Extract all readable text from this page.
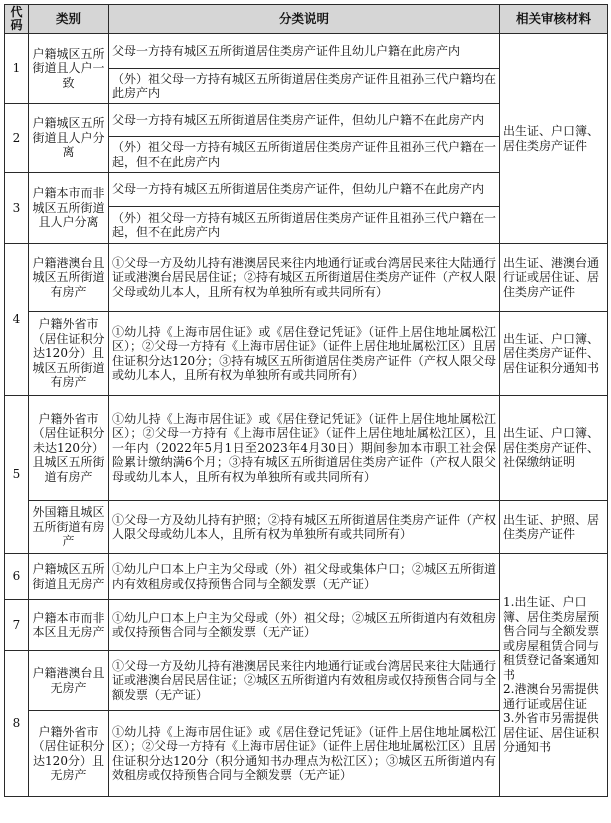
代码	类别	分类说明	相关审核材料
1	户籍城区五所街道且人户一致	父母一方持有城区五所街道居住类房产证件且幼儿户籍在此房产内	出生证、户口簿、居住类房产证件
		（外）祖父母一方持有城区五所街道居住类房产证件且祖孙三代户籍均在此房产内	
2	户籍城区五所街道且人户分离	父母一方持有城区五所街道居住类房产证件，但幼儿户籍不在此房产内	
		（外）祖父母一方持有城区五所街道居住类房产证件且祖孙三代户籍在一起，但不在此房产内	
3	户籍本市而非城区五所街道且人户分离	父母一方持有城区五所街道居住类房产证件，但幼儿户籍不在此房产内	
		（外）祖父母一方持有城区五所街道居住类房产证件且祖孙三代户籍在一起，但不在此房产内	
4	户籍港澳台且城区五所街道有房产	①父母一方及幼儿持有港澳居民来往内地通行证或台湾居民来往大陆通行证或港澳台居民居住证；②持有城区五所街道居住类房产证件（产权人限父母或幼儿本人，且所有权为单独所有或共同所有）	出生证、港澳台通行证或居住证、居住类房产证件
	户籍外省市（居住证积分达120分）且城区五所街道有房产	①幼儿持《上海市居住证》或《居住登记凭证》（证件上居住地址属松江区）；②父母一方持有《上海市居住证》（证件上居住地址属松江区）且居住证积分达120分；③持有城区五所街道居住类房产证件（产权人限父母或幼儿本人，且所有权为单独所有或共同所有）	出生证、户口簿、居住类房产证件、居住证积分通知书
5	户籍外省市（居住证积分未达120分）且城区五所街道有房产	①幼儿持《上海市居住证》或《居住登记凭证》（证件上居住地址属松江区）；②父母一方持有《上海市居住证》（证件上居住地址属松江区），且一年内（2022年5月1日至2023年4月30日）期间参加本市职工社会保险累计缴纳满6个月；③持有城区五所街道居住类房产证件（产权人限父母或幼儿本人，且所有权为单独所有或共同所有）	出生证、户口簿、居住类房产证件、社保缴纳证明
	外国籍且城区五所街道有房产	①父母一方及幼儿持有护照；②持有城区五所街道居住类房产证件（产权人限父母或幼儿本人，且所有权为单独所有或共同所有）	出生证、护照、居住类房产证件
6	户籍城区五所街道且无房产	①幼儿户口本上户主为父母或（外）祖父母或集体户口；②城区五所街道内有效租房或仅持预售合同与全额发票（无产证）	1.出生证、户口簿、居住类房屋预售合同与全额发票或房屋租赁合同与租赁登记备案通知书
2.港澳台另需提供通行证或居住证
3.外省市另需提供居住证、居住证积分通知书

7	户籍本市而非本区且无房产	①幼儿户口本上户主为父母或（外）祖父母；②城区五所街道内有效租房或仅持预售合同与全额发票（无产证）	
8	户籍港澳台且无房产	①父母一方及幼儿持有港澳居民来往内地通行证或台湾居民来往大陆通行证或港澳台居民居住证；②城区五所街道内有效租房或仅持预售合同与全额发票（无产证）	
	户籍外省市（居住证积分达120分）且无房产	①幼儿持《上海市居住证》或《居住登记凭证》（证件上居住地址属松江区）；②父母一方持有《上海市居住证》（证件上居住地址属松江区）且居住证积分达120分（积分通知书办理点为松江区）；③城区五所街道内有效租房或仅持预售合同与全额发票（无产证）	
